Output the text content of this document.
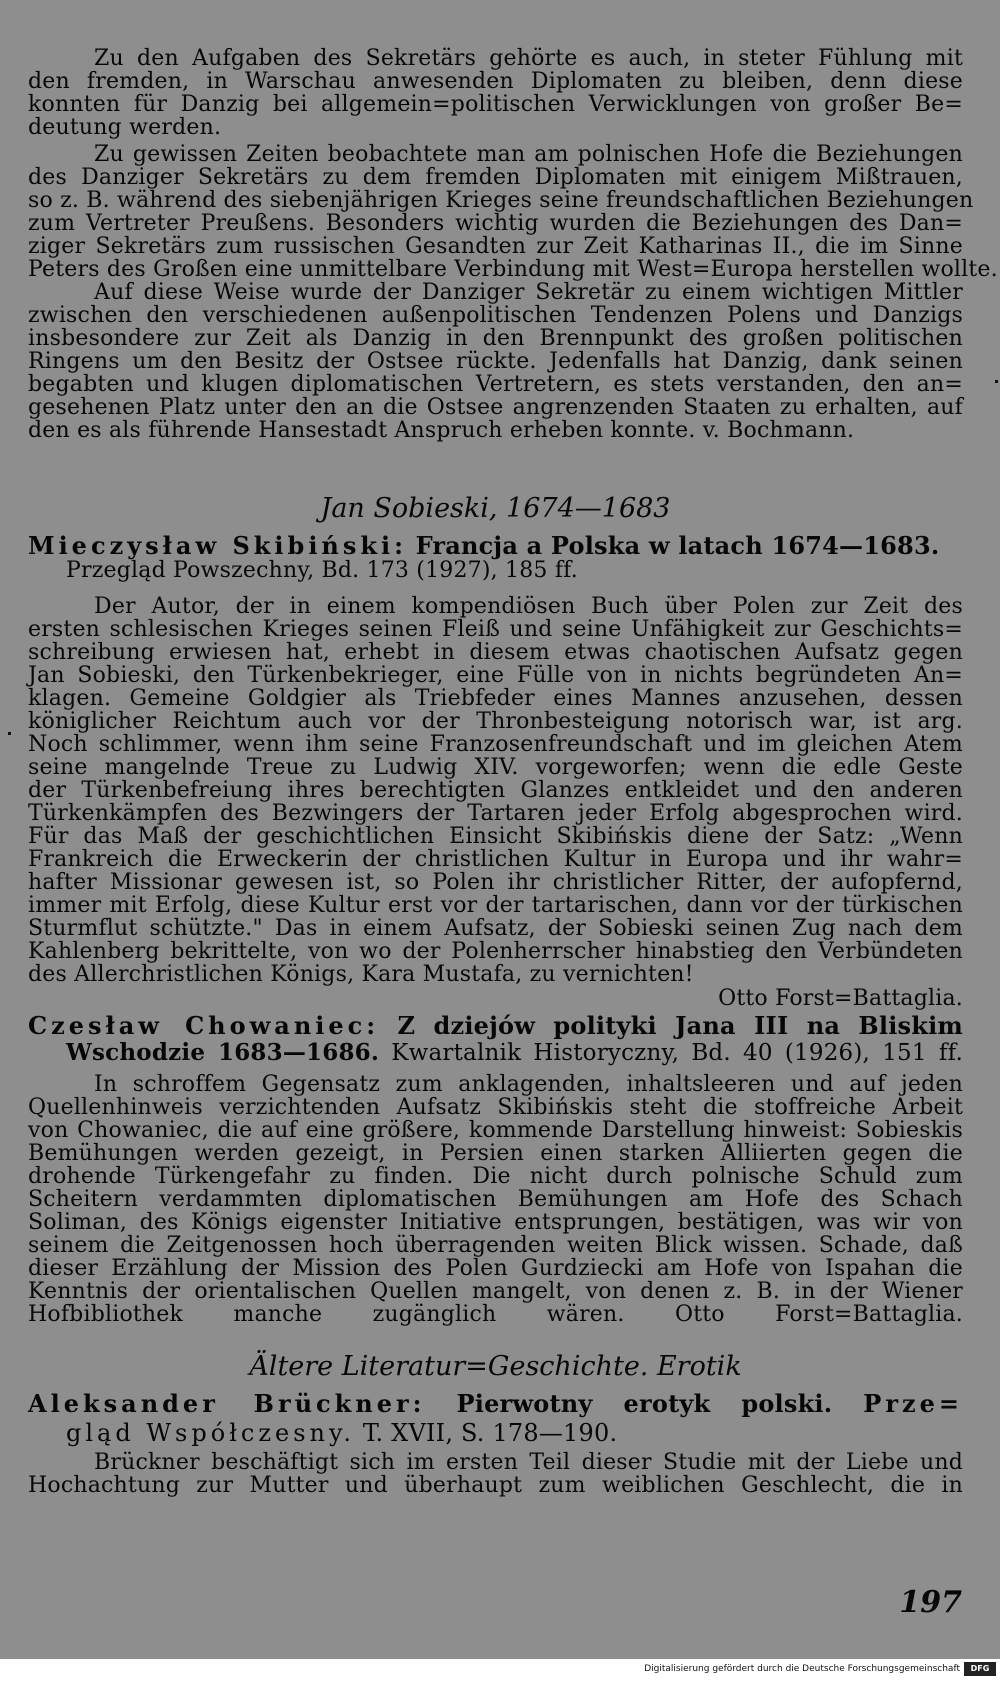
Zu den Aufgaben des Sekretärs gehörte es auch, in steter Fühlung mit
den fremden, in Warschau anwesenden Diplomaten zu bleiben, denn diese
konnten für Danzig bei allgemein=politischen Verwicklungen von großer Be=
deutung werden.
Zu gewissen Zeiten beobachtete man am polnischen Hofe die Beziehungen
des Danziger Sekretärs zu dem fremden Diplomaten mit einigem Mißtrauen,
so z. B. während des siebenjährigen Krieges seine freundschaftlichen Beziehungen
zum Vertreter Preußens. Besonders wichtig wurden die Beziehungen des Dan=
ziger Sekretärs zum russischen Gesandten zur Zeit Katharinas II., die im Sinne
Peters des Großen eine unmittelbare Verbindung mit West=Europa herstellen wollte.
Auf diese Weise wurde der Danziger Sekretär zu einem wichtigen Mittler
zwischen den verschiedenen außenpolitischen Tendenzen Polens und Danzigs
insbesondere zur Zeit als Danzig in den Brennpunkt des großen politischen
Ringens um den Besitz der Ostsee rückte. Jedenfalls hat Danzig, dank seinen
begabten und klugen diplomatischen Vertretern, es stets verstanden, den an=
gesehenen Platz unter den an die Ostsee angrenzenden Staaten zu erhalten, auf
den es als führende Hansestadt Anspruch erheben konnte. v. Bochmann.
Jan Sobieski, 1674—1683
Mieczysław Skibiński: Francja a Polska w latach 1674—1683.
Przegląd Powszechny, Bd. 173 (1927), 185 ff.
Der Autor, der in einem kompendiösen Buch über Polen zur Zeit des
ersten schlesischen Krieges seinen Fleiß und seine Unfähigkeit zur Geschichts=
schreibung erwiesen hat, erhebt in diesem etwas chaotischen Aufsatz gegen
Jan Sobieski, den Türkenbekrieger, eine Fülle von in nichts begründeten An=
klagen. Gemeine Goldgier als Triebfeder eines Mannes anzusehen, dessen
königlicher Reichtum auch vor der Thronbesteigung notorisch war, ist arg.
Noch schlimmer, wenn ihm seine Franzosenfreundschaft und im gleichen Atem
seine mangelnde Treue zu Ludwig XIV. vorgeworfen; wenn die edle Geste
der Türkenbefreiung ihres berechtigten Glanzes entkleidet und den anderen
Türkenkämpfen des Bezwingers der Tartaren jeder Erfolg abgesprochen wird.
Für das Maß der geschichtlichen Einsicht Skibińskis diene der Satz: „Wenn
Frankreich die Erweckerin der christlichen Kultur in Europa und ihr wahr=
hafter Missionar gewesen ist, so Polen ihr christlicher Ritter, der aufopfernd,
immer mit Erfolg, diese Kultur erst vor der tartarischen, dann vor der türkischen
Sturmflut schützte." Das in einem Aufsatz, der Sobieski seinen Zug nach dem
Kahlenberg bekrittelte, von wo der Polenherrscher hinabstieg den Verbündeten
des Allerchristlichen Königs, Kara Mustafa, zu vernichten!
Otto Forst=Battaglia.
Czesław Chowaniec: Z dziejów polityki Jana III na Bliskim
Wschodzie 1683—1686. Kwartalnik Historyczny, Bd. 40 (1926), 151 ff.
In schroffem Gegensatz zum anklagenden, inhaltsleeren und auf jeden
Quellenhinweis verzichtenden Aufsatz Skibińskis steht die stoffreiche Arbeit
von Chowaniec, die auf eine größere, kommende Darstellung hinweist: Sobieskis
Bemühungen werden gezeigt, in Persien einen starken Alliierten gegen die
drohende Türkengefahr zu finden. Die nicht durch polnische Schuld zum
Scheitern verdammten diplomatischen Bemühungen am Hofe des Schach
Soliman, des Königs eigenster Initiative entsprungen, bestätigen, was wir von
seinem die Zeitgenossen hoch überragenden weiten Blick wissen. Schade, daß
dieser Erzählung der Mission des Polen Gurdziecki am Hofe von Ispahan die
Kenntnis der orientalischen Quellen mangelt, von denen z. B. in der Wiener
Hofbibliothek manche zugänglich wären. Otto Forst=Battaglia.
Ältere Literatur=Geschichte. Erotik
Aleksander Brückner: Pierwotny erotyk polski. Prze=
gląd Współczesny. T. XVII, S. 178—190.
Brückner beschäftigt sich im ersten Teil dieser Studie mit der Liebe und
Hochachtung zur Mutter und überhaupt zum weiblichen Geschlecht, die in
197
Digitalisierung gefördert durch die Deutsche Forschungsgemeinschaft	DFG
